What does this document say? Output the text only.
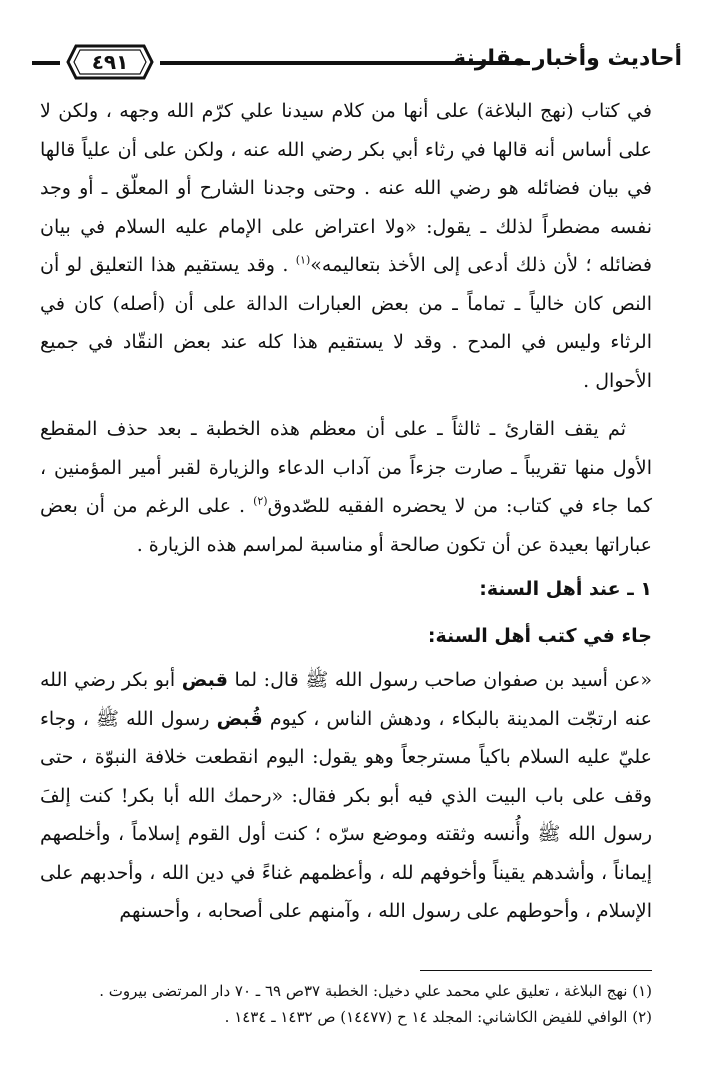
٤٩١	أحاديث وأخبار مقارنة

في كتاب (نهج البلاغة) على أنها من كلام سيدنا علي كرّم الله وجهه ، ولكن لا على أساس أنه قالها في رثاء أبي بكر رضي الله عنه ، ولكن على أن علياً قالها في بيان فضائله هو رضي الله عنه . وحتى وجدنا الشارح أو المعلّق ـ أو وجد نفسه مضطراً لذلك ـ يقول: «ولا اعتراض على الإمام عليه السلام في بيان فضائله ؛ لأن ذلك أدعى إلى الأخذ بتعاليمه»$^{(١)}$ . وقد يستقيم هذا التعليق لو أن النص كان خالياً ـ تماماً ـ من بعض العبارات الدالة على أن (أصله) كان في الرثاء وليس في المدح . وقد لا يستقيم هذا كله عند بعض النقّاد في جميع الأحوال .

ثم يقف القارئ ـ ثالثاً ـ على أن معظم هذه الخطبة ـ بعد حذف المقطع الأول منها تقريباً ـ صارت جزءاً من آداب الدعاء والزيارة لقبر أمير المؤمنين ، كما جاء في كتاب: من لا يحضره الفقيه للصّدوق$^{(٢)}$ . على الرغم من أن بعض عباراتها بعيدة عن أن تكون صالحة أو مناسبة لمراسم هذه الزيارة .

١ ـ عند أهل السنة:

جاء في كتب أهل السنة:

«عن أسيد بن صفوان صاحب رسول الله ﷺ قال: لما قبض أبو بكر رضي الله عنه ارتجّت المدينة بالبكاء ، ودهش الناس ، كيوم قُبض رسول الله ﷺ ، وجاء عليّ عليه السلام باكياً مسترجعاً وهو يقول: اليوم انقطعت خلافة النبوّة ، حتى وقف على باب البيت الذي فيه أبو بكر فقال: «رحمك الله أبا بكر! كنت إلفَ رسول الله ﷺ وأُنسه وثقته وموضع سرّه ؛ كنت أول القوم إسلاماً ، وأخلصهم إيماناً ، وأشدهم يقيناً وأخوفهم لله ، وأعظمهم غناءً في دين الله ، وأحدبهم على الإسلام ، وأحوطهم على رسول الله ، وآمنهم على أصحابه ، وأحسنهم

(١) نهج البلاغة ، تعليق علي محمد علي دخيل: الخطبة ٣٧ص ٦٩ ـ ٧٠ دار المرتضى بيروت .

(٢) الوافي للفيض الكاشاني: المجلد ١٤ ح (١٤٤٧٧) ص ١٤٣٢ ـ ١٤٣٤ .
